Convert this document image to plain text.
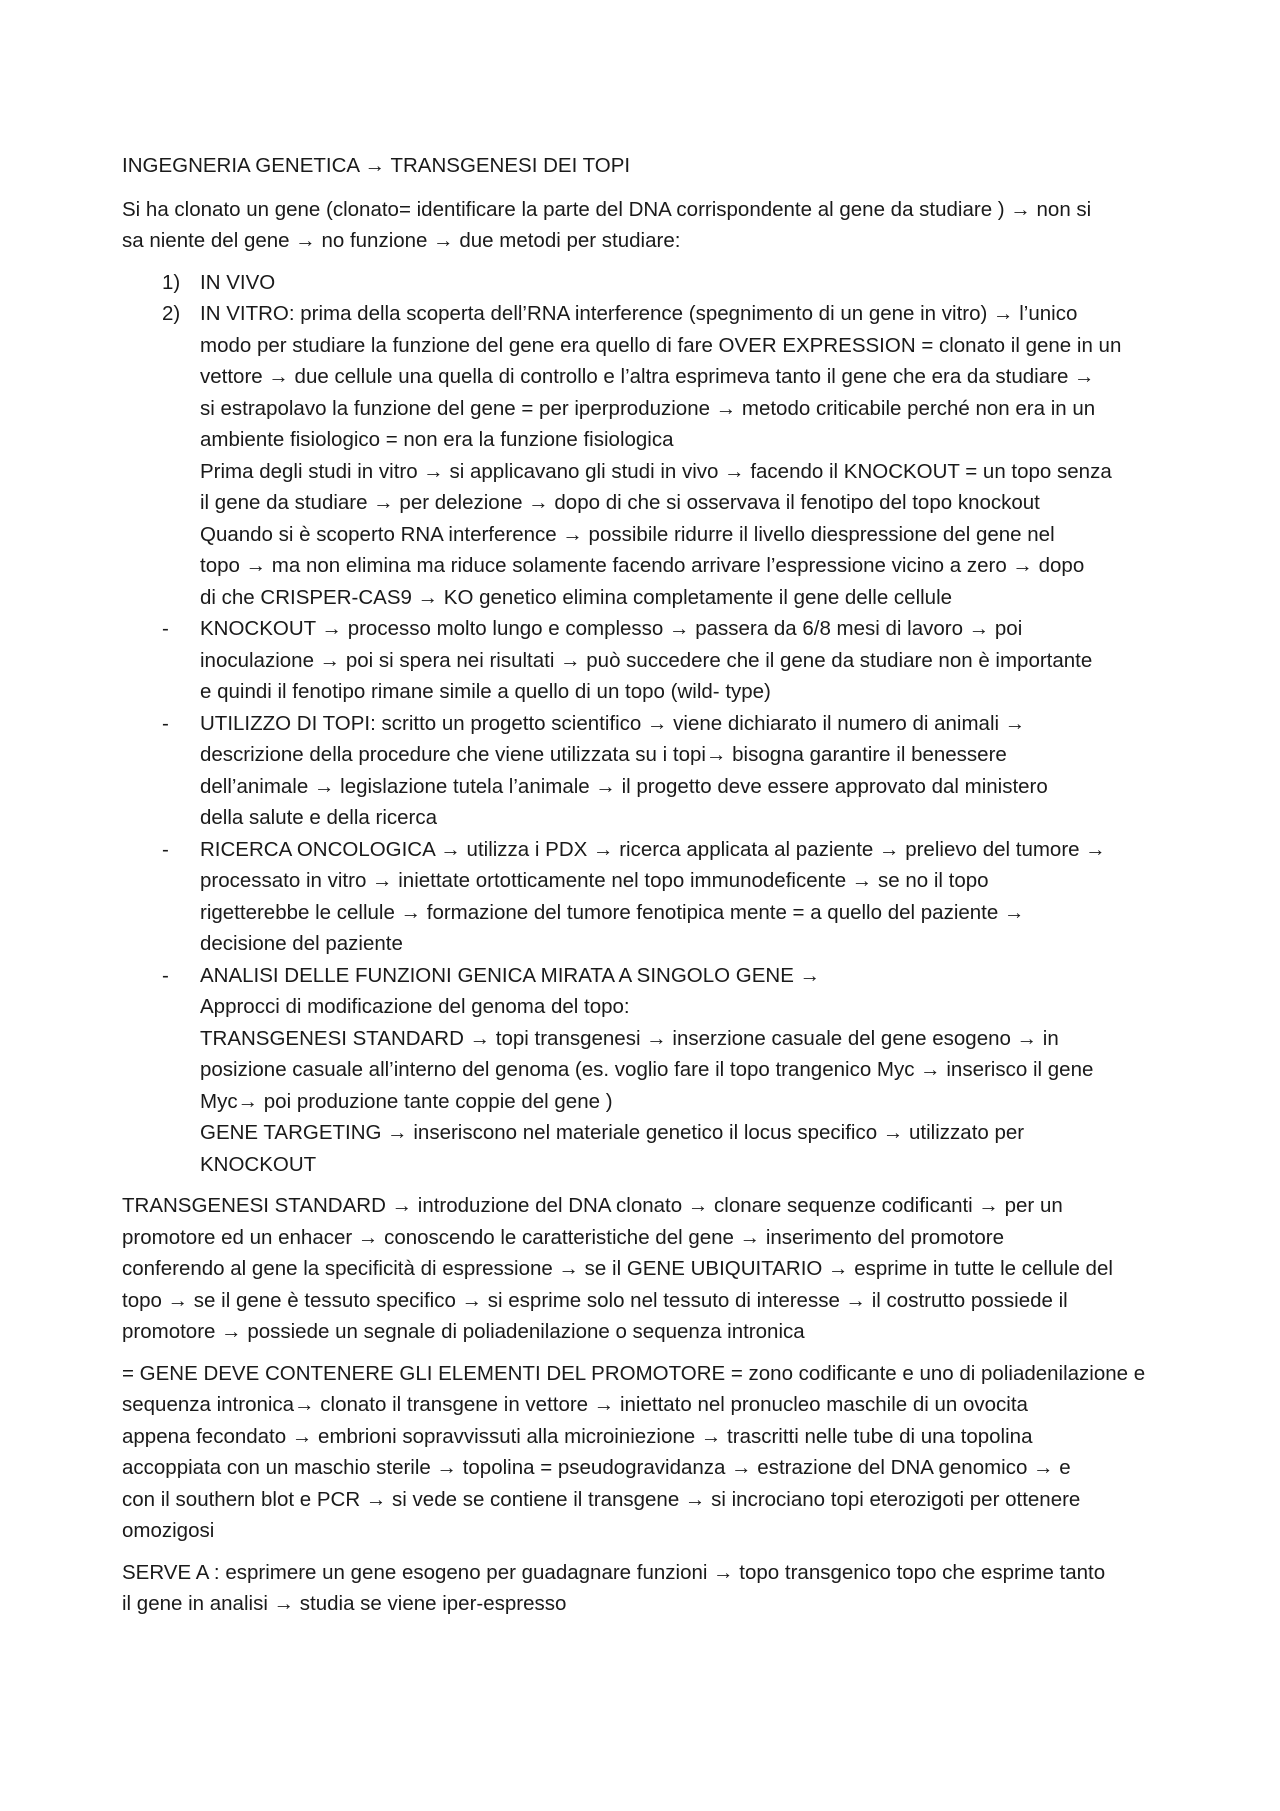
INGEGNERIA GENETICA → TRANSGENESI DEI TOPI
Si ha clonato un gene (clonato= identificare la parte del DNA corrispondente al gene da studiare ) → non si
sa niente del gene → no funzione → due metodi per studiare:
1) IN VIVO
2) IN VITRO: prima della scoperta dell’RNA interference (spegnimento di un gene in vitro) → l’unico
modo per studiare la funzione del gene era quello di fare OVER EXPRESSION = clonato il gene in un
vettore → due cellule una quella di controllo e l’altra esprimeva tanto il gene che era da studiare →
si estrapolavo la funzione del gene = per iperproduzione → metodo criticabile perché non era in un
ambiente fisiologico = non era la funzione fisiologica
Prima degli studi in vitro → si applicavano gli studi in vivo → facendo il KNOCKOUT = un topo senza
il gene da studiare → per delezione → dopo di che si osservava il fenotipo del topo knockout
Quando si è scoperto RNA interference → possibile ridurre il livello diespressione del gene nel
topo → ma non elimina ma riduce solamente facendo arrivare l’espressione vicino a zero → dopo
di che CRISPER-CAS9 → KO genetico elimina completamente il gene delle cellule
- KNOCKOUT → processo molto lungo e complesso → passera da 6/8 mesi di lavoro → poi
inoculazione → poi si spera nei risultati → può succedere che il gene da studiare non è importante
e quindi il fenotipo rimane simile a quello di un topo (wild- type)
- UTILIZZO DI TOPI: scritto un progetto scientifico → viene dichiarato il numero di animali →
descrizione della procedure che viene utilizzata su i topi→ bisogna garantire il benessere
dell’animale → legislazione tutela l’animale → il progetto deve essere approvato dal ministero
della salute e della ricerca
- RICERCA ONCOLOGICA → utilizza i PDX → ricerca applicata al paziente → prelievo del tumore →
processato in vitro → iniettate ortotticamente nel topo immunodeficente → se no il topo
rigetterebbe le cellule → formazione del tumore fenotipica mente = a quello del paziente →
decisione del paziente
- ANALISI DELLE FUNZIONI GENICA MIRATA A SINGOLO GENE →
Approcci di modificazione del genoma del topo:
TRANSGENESI STANDARD → topi transgenesi → inserzione casuale del gene esogeno → in
posizione casuale all’interno del genoma (es. voglio fare il topo trangenico Myc → inserisco il gene
Myc→ poi produzione tante coppie del gene )
GENE TARGETING → inseriscono nel materiale genetico il locus specifico → utilizzato per
KNOCKOUT
TRANSGENESI STANDARD → introduzione del DNA clonato → clonare sequenze codificanti → per un
promotore ed un enhacer → conoscendo le caratteristiche del gene → inserimento del promotore
conferendo al gene la specificità di espressione → se il GENE UBIQUITARIO → esprime in tutte le cellule del
topo → se il gene è tessuto specifico → si esprime solo nel tessuto di interesse → il costrutto possiede il
promotore → possiede un segnale di poliadenilazione o sequenza intronica
= GENE DEVE CONTENERE GLI ELEMENTI DEL PROMOTORE = zono codificante e uno di poliadenilazione e
sequenza intronica→ clonato il transgene in vettore → iniettato nel pronucleo maschile di un ovocita
appena fecondato → embrioni sopravvissuti alla microiniezione → trascritti nelle tube di una topolina
accoppiata con un maschio sterile → topolina = pseudogravidanza → estrazione del DNA genomico → e
con il southern blot e PCR → si vede se contiene il transgene → si incrociano topi eterozigoti per ottenere
omozigosi
SERVE A : esprimere un gene esogeno per guadagnare funzioni → topo transgenico topo che esprime tanto
il gene in analisi → studia se viene iper-espresso
